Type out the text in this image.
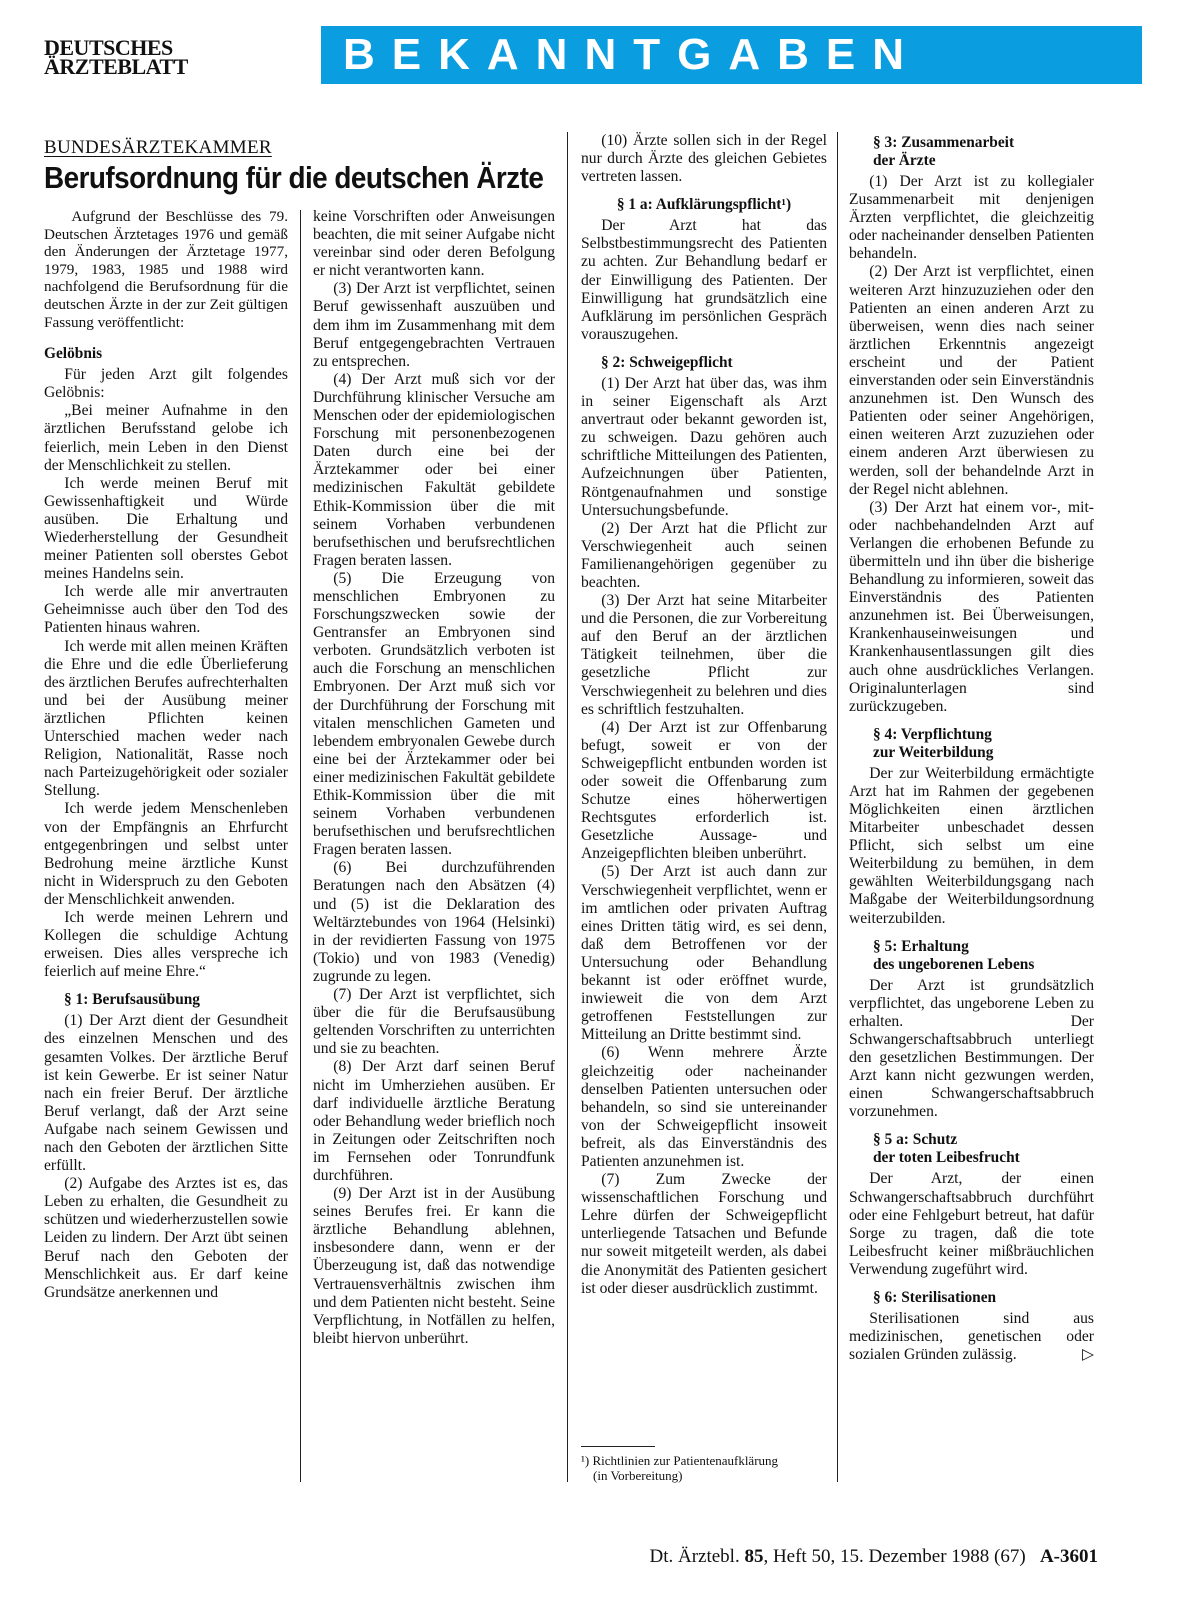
DEUTSCHES
ÄRZTEBLATT	BEKANNTGABEN
BUNDESÄRZTEKAMMER
Berufsordnung für die deutschen Ärzte

Aufgrund der Beschlüsse des 79. Deutschen Ärztetages 1976 und gemäß den Änderungen der Ärztetage 1977, 1979, 1983, 1985 und 1988 wird nachfolgend die Berufsordnung für die deutschen Ärzte in der zur Zeit gültigen Fassung veröffentlicht:

Gelöbnis

Für jeden Arzt gilt folgendes Gelöbnis:

„Bei meiner Aufnahme in den ärztlichen Berufsstand gelobe ich feierlich, mein Leben in den Dienst der Menschlichkeit zu stellen.

Ich werde meinen Beruf mit Gewissenhaftigkeit und Würde ausüben. Die Erhaltung und Wiederherstellung der Gesundheit meiner Patienten soll oberstes Gebot meines Handelns sein.

Ich werde alle mir anvertrauten Geheimnisse auch über den Tod des Patienten hinaus wahren.

Ich werde mit allen meinen Kräften die Ehre und die edle Überlieferung des ärztlichen Berufes aufrechterhalten und bei der Ausübung meiner ärztlichen Pflichten keinen Unterschied machen weder nach Religion, Nationalität, Rasse noch nach Parteizugehörigkeit oder sozialer Stellung.

Ich werde jedem Menschenleben von der Empfängnis an Ehrfurcht entgegenbringen und selbst unter Bedrohung meine ärztliche Kunst nicht in Widerspruch zu den Geboten der Menschlichkeit anwenden.

Ich werde meinen Lehrern und Kollegen die schuldige Achtung erweisen. Dies alles verspreche ich feierlich auf meine Ehre.“

§ 1: Berufsausübung

(1) Der Arzt dient der Gesundheit des einzelnen Menschen und des gesamten Volkes. Der ärztliche Beruf ist kein Gewerbe. Er ist seiner Natur nach ein freier Beruf. Der ärztliche Beruf verlangt, daß der Arzt seine Aufgabe nach seinem Gewissen und nach den Geboten der ärztlichen Sitte erfüllt.

(2) Aufgabe des Arztes ist es, das Leben zu erhalten, die Gesundheit zu schützen und wiederherzustellen sowie Leiden zu lindern. Der Arzt übt seinen Beruf nach den Geboten der Menschlichkeit aus. Er darf keine Grundsätze anerkennen und

keine Vorschriften oder Anweisungen beachten, die mit seiner Aufgabe nicht vereinbar sind oder deren Befolgung er nicht verantworten kann.

(3) Der Arzt ist verpflichtet, seinen Beruf gewissenhaft auszuüben und dem ihm im Zusammenhang mit dem Beruf entgegengebrachten Vertrauen zu entsprechen.

(4) Der Arzt muß sich vor der Durchführung klinischer Versuche am Menschen oder der epidemiologischen Forschung mit personenbezogenen Daten durch eine bei der Ärztekammer oder bei einer medizinischen Fakultät gebildete Ethik-Kommission über die mit seinem Vorhaben verbundenen berufsethischen und berufsrechtlichen Fragen beraten lassen.

(5) Die Erzeugung von menschlichen Embryonen zu Forschungszwecken sowie der Gentransfer an Embryonen sind verboten. Grundsätzlich verboten ist auch die Forschung an menschlichen Embryonen. Der Arzt muß sich vor der Durchführung der Forschung mit vitalen menschlichen Gameten und lebendem embryonalen Gewebe durch eine bei der Ärztekammer oder bei einer medizinischen Fakultät gebildete Ethik-Kommission über die mit seinem Vorhaben verbundenen berufsethischen und berufsrechtlichen Fragen beraten lassen.

(6) Bei durchzuführenden Beratungen nach den Absätzen (4) und (5) ist die Deklaration des Weltärztebundes von 1964 (Helsinki) in der revidierten Fassung von 1975 (Tokio) und von 1983 (Venedig) zugrunde zu legen.

(7) Der Arzt ist verpflichtet, sich über die für die Berufsausübung geltenden Vorschriften zu unterrichten und sie zu beachten.

(8) Der Arzt darf seinen Beruf nicht im Umherziehen ausüben. Er darf individuelle ärztliche Beratung oder Behandlung weder brieflich noch in Zeitungen oder Zeitschriften noch im Fernsehen oder Tonrundfunk durchführen.

(9) Der Arzt ist in der Ausübung seines Berufes frei. Er kann die ärztliche Behandlung ablehnen, insbesondere dann, wenn er der Überzeugung ist, daß das notwendige Vertrauensverhältnis zwischen ihm und dem Patienten nicht besteht. Seine Verpflichtung, in Notfällen zu helfen, bleibt hiervon unberührt.

(10) Ärzte sollen sich in der Regel nur durch Ärzte des gleichen Gebietes vertreten lassen.

§ 1 a: Aufklärungspflicht¹)

Der Arzt hat das Selbstbestimmungsrecht des Patienten zu achten. Zur Behandlung bedarf er der Einwilligung des Patienten. Der Einwilligung hat grundsätzlich eine Aufklärung im persönlichen Gespräch vorauszugehen.

§ 2: Schweigepflicht

(1) Der Arzt hat über das, was ihm in seiner Eigenschaft als Arzt anvertraut oder bekannt geworden ist, zu schweigen. Dazu gehören auch schriftliche Mitteilungen des Patienten, Aufzeichnungen über Patienten, Röntgenaufnahmen und sonstige Untersuchungsbefunde.

(2) Der Arzt hat die Pflicht zur Verschwiegenheit auch seinen Familienangehörigen gegenüber zu beachten.

(3) Der Arzt hat seine Mitarbeiter und die Personen, die zur Vorbereitung auf den Beruf an der ärztlichen Tätigkeit teilnehmen, über die gesetzliche Pflicht zur Verschwiegenheit zu belehren und dies es schriftlich festzuhalten.

(4) Der Arzt ist zur Offenbarung befugt, soweit er von der Schweigepflicht entbunden worden ist oder soweit die Offenbarung zum Schutze eines höherwertigen Rechtsgutes erforderlich ist. Gesetzliche Aussage- und Anzeigepflichten bleiben unberührt.

(5) Der Arzt ist auch dann zur Verschwiegenheit verpflichtet, wenn er im amtlichen oder privaten Auftrag eines Dritten tätig wird, es sei denn, daß dem Betroffenen vor der Untersuchung oder Behandlung bekannt ist oder eröffnet wurde, inwieweit die von dem Arzt getroffenen Feststellungen zur Mitteilung an Dritte bestimmt sind.

(6) Wenn mehrere Ärzte gleichzeitig oder nacheinander denselben Patienten untersuchen oder behandeln, so sind sie untereinander von der Schweigepflicht insoweit befreit, als das Einverständnis des Patienten anzunehmen ist.

(7) Zum Zwecke der wissenschaftlichen Forschung und Lehre dürfen der Schweigepflicht unterliegende Tatsachen und Befunde nur soweit mitgeteilt werden, als dabei die Anonymität des Patienten gesichert ist oder dieser ausdrücklich zustimmt.

¹) Richtlinien zur Patientenaufklärung
(in Vorbereitung)
§ 3: Zusammenarbeit
der Ärzte

(1) Der Arzt ist zu kollegialer Zusammenarbeit mit denjenigen Ärzten verpflichtet, die gleichzeitig oder nacheinander denselben Patienten behandeln.

(2) Der Arzt ist verpflichtet, einen weiteren Arzt hinzuzuziehen oder den Patienten an einen anderen Arzt zu überweisen, wenn dies nach seiner ärztlichen Erkenntnis angezeigt erscheint und der Patient einverstanden oder sein Einverständnis anzunehmen ist. Den Wunsch des Patienten oder seiner Angehörigen, einen weiteren Arzt zuzuziehen oder einem anderen Arzt überwiesen zu werden, soll der behandelnde Arzt in der Regel nicht ablehnen.

(3) Der Arzt hat einem vor-, mit- oder nachbehandelnden Arzt auf Verlangen die erhobenen Befunde zu übermitteln und ihn über die bisherige Behandlung zu informieren, soweit das Einverständnis des Patienten anzunehmen ist. Bei Überweisungen, Krankenhauseinweisungen und Krankenhausentlassungen gilt dies auch ohne ausdrückliches Verlangen. Originalunterlagen sind zurückzugeben.

§ 4: Verpflichtung
zur Weiterbildung

Der zur Weiterbildung ermächtigte Arzt hat im Rahmen der gegebenen Möglichkeiten einen ärztlichen Mitarbeiter unbeschadet dessen Pflicht, sich selbst um eine Weiterbildung zu bemühen, in dem gewählten Weiterbildungsgang nach Maßgabe der Weiterbildungsordnung weiterzubilden.

§ 5: Erhaltung
des ungeborenen Lebens

Der Arzt ist grundsätzlich verpflichtet, das ungeborene Leben zu erhalten. Der Schwangerschaftsabbruch unterliegt den gesetzlichen Bestimmungen. Der Arzt kann nicht gezwungen werden, einen Schwangerschaftsabbruch vorzunehmen.

§ 5 a: Schutz
der toten Leibesfrucht

Der Arzt, der einen Schwangerschaftsabbruch durchführt oder eine Fehlgeburt betreut, hat dafür Sorge zu tragen, daß die tote Leibesfrucht keiner mißbräuchlichen Verwendung zugeführt wird.

§ 6: Sterilisationen

Sterilisationen sind aus medizinischen, genetischen oder sozialen Gründen zulässig.	▷

Dt. Ärztebl. 85, Heft 50, 15. Dezember 1988 (67) A-3601
